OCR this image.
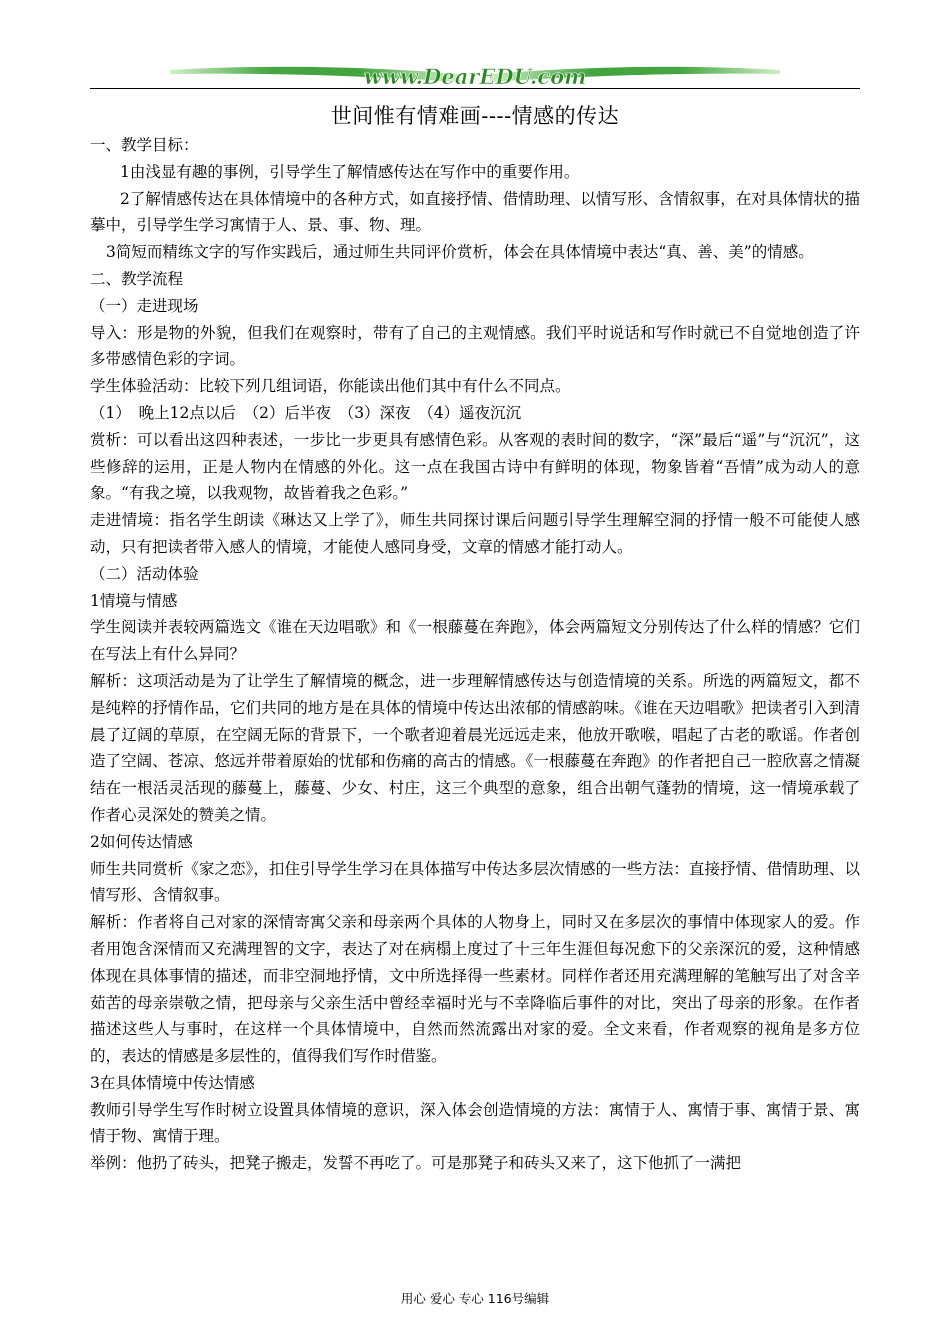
www.DearEDU.com
世间惟有情难画----情感的传达

一、教学目标：

1由浅显有趣的事例，引导学生了解情感传达在写作中的重要作用。

2了解情感传达在具体情境中的各种方式，如直接抒情、借情助理、以情写形、含情叙事，在对具体情状的描摹中，引导学生学习寓情于人、景、事、物、理。

3简短而精练文字的写作实践后，通过师生共同评价赏析，体会在具体情境中表达“真、善、美”的情感。

二、教学流程

（一）走进现场

导入：形是物的外貌，但我们在观察时，带有了自己的主观情感。我们平时说话和写作时就已不自觉地创造了许多带感情色彩的字词。

学生体验活动：比较下列几组词语，你能读出他们其中有什么不同点。

（1）　晚上12点以后　（2）后半夜　（3）深夜　（4）遥夜沉沉

赏析：可以看出这四种表述，一步比一步更具有感情色彩。从客观的表时间的数字，“深”最后“遥”与“沉沉”，这些修辞的运用，正是人物内在情感的外化。这一点在我国古诗中有鲜明的体现，物象皆着“吾情”成为动人的意象。“有我之境，以我观物，故皆着我之色彩。”

走进情境：指名学生朗读《琳达又上学了》，师生共同探讨课后问题引导学生理解空洞的抒情一般不可能使人感动，只有把读者带入感人的情境，才能使人感同身受，文章的情感才能打动人。

（二）活动体验

1情境与情感

学生阅读并表较两篇选文《谁在天边唱歌》和《一根藤蔓在奔跑》，体会两篇短文分别传达了什么样的情感？它们在写法上有什么异同？

解析：这项活动是为了让学生了解情境的概念，进一步理解情感传达与创造情境的关系。所选的两篇短文，都不是纯粹的抒情作品，它们共同的地方是在具体的情境中传达出浓郁的情感韵味。《谁在天边唱歌》把读者引入到清晨了辽阔的草原，在空阔无际的背景下，一个歌者迎着晨光远远走来，他放开歌喉，唱起了古老的歌谣。作者创造了空阔、苍凉、悠远并带着原始的忧郁和伤痛的高古的情感。《一根藤蔓在奔跑》的作者把自己一腔欣喜之情凝结在一根活灵活现的藤蔓上，藤蔓、少女、村庄，这三个典型的意象，组合出朝气蓬勃的情境，这一情境承载了作者心灵深处的赞美之情。

2如何传达情感

师生共同赏析《家之恋》，扣住引导学生学习在具体描写中传达多层次情感的一些方法：直接抒情、借情助理、以情写形、含情叙事。

解析：作者将自己对家的深情寄寓父亲和母亲两个具体的人物身上，同时又在多层次的事情中体现家人的爱。作者用饱含深情而又充满理智的文字，表达了对在病榻上度过了十三年生涯但每况愈下的父亲深沉的爱，这种情感体现在具体事情的描述，而非空洞地抒情，文中所选择得一些素材。同样作者还用充满理解的笔触写出了对含辛茹苦的母亲崇敬之情，把母亲与父亲生活中曾经幸福时光与不幸降临后事件的对比，突出了母亲的形象。在作者描述这些人与事时，在这样一个具体情境中，自然而然流露出对家的爱。全文来看，作者观察的视角是多方位的，表达的情感是多层性的，值得我们写作时借鉴。

3在具体情境中传达情感

教师引导学生写作时树立设置具体情境的意识，深入体会创造情境的方法：寓情于人、寓情于事、寓情于景、寓情于物、寓情于理。

举例：他扔了砖头，把凳子搬走，发誓不再吃了。可是那凳子和砖头又来了，这下他抓了一满把

用心 爱心 专心 116号编辑
